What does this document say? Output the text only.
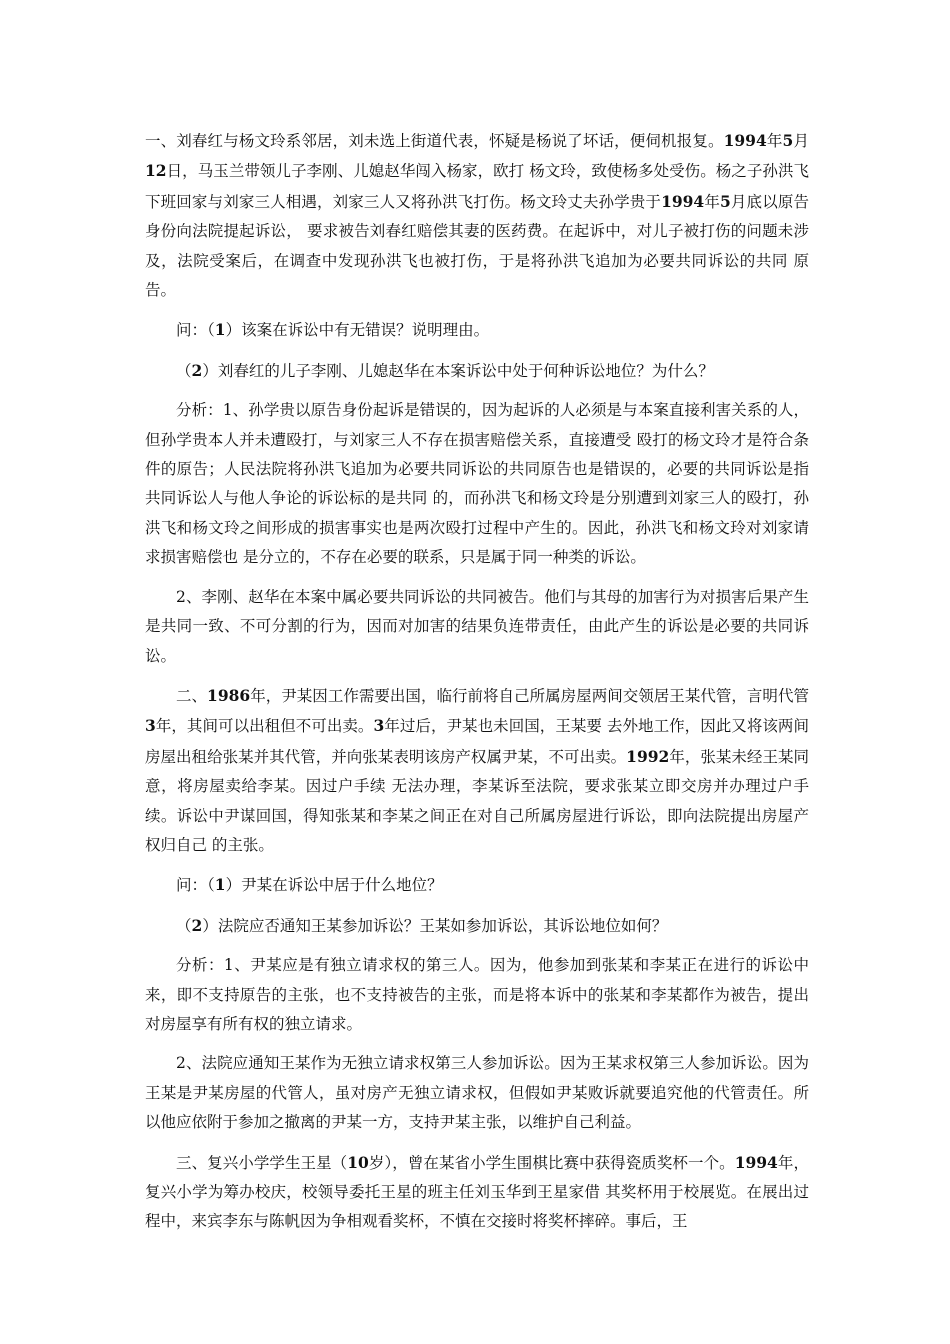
一、刘春红与杨文玲系邻居，刘未选上街道代表，怀疑是杨说了坏话，便伺机报复。1994年5月12日，马玉兰带领儿子李刚、儿媳赵华闯入杨家，欧打 杨文玲，致使杨多处受伤。杨之子孙洪飞下班回家与刘家三人相遇，刘家三人又将孙洪飞打伤。杨文玲丈夫孙学贵于1994年5月底以原告身份向法院提起诉讼， 要求被告刘春红赔偿其妻的医药费。在起诉中，对儿子被打伤的问题未涉及，法院受案后，在调查中发现孙洪飞也被打伤，于是将孙洪飞追加为必要共同诉讼的共同 原告。

问：（1）该案在诉讼中有无错误？说明理由。

（2）刘春红的儿子李刚、儿媳赵华在本案诉讼中处于何种诉讼地位？为什么？

分析：1、孙学贵以原告身份起诉是错误的，因为起诉的人必须是与本案直接利害关系的人，但孙学贵本人并未遭殴打，与刘家三人不存在损害赔偿关系，直接遭受 殴打的杨文玲才是符合条件的原告；人民法院将孙洪飞追加为必要共同诉讼的共同原告也是错误的，必要的共同诉讼是指共同诉讼人与他人争论的诉讼标的是共同 的，而孙洪飞和杨文玲是分别遭到刘家三人的殴打，孙洪飞和杨文玲之间形成的损害事实也是两次殴打过程中产生的。因此，孙洪飞和杨文玲对刘家请求损害赔偿也 是分立的，不存在必要的联系，只是属于同一种类的诉讼。

2、李刚、赵华在本案中属必要共同诉讼的共同被告。他们与其母的加害行为对损害后果产生是共同一致、不可分割的行为，因而对加害的结果负连带责任，由此产生的诉讼是必要的共同诉讼。

二、1986年，尹某因工作需要出国，临行前将自己所属房屋两间交领居王某代管，言明代管3年，其间可以出租但不可出卖。3年过后，尹某也未回国，王某要 去外地工作，因此又将该两间房屋出租给张某并其代管，并向张某表明该房产权属尹某，不可出卖。1992年，张某未经王某同意，将房屋卖给李某。因过户手续 无法办理，李某诉至法院，要求张某立即交房并办理过户手续。诉讼中尹谋回国，得知张某和李某之间正在对自己所属房屋进行诉讼，即向法院提出房屋产权归自己 的主张。

问：（1）尹某在诉讼中居于什么地位？

（2）法院应否通知王某参加诉讼？王某如参加诉讼，其诉讼地位如何？

分析：1、尹某应是有独立请求权的第三人。因为，他参加到张某和李某正在进行的诉讼中来，即不支持原告的主张，也不支持被告的主张，而是将本诉中的张某和李某都作为被告，提出对房屋享有所有权的独立请求。

2、法院应通知王某作为无独立请求权第三人参加诉讼。因为王某求权第三人参加诉讼。因为王某是尹某房屋的代管人，虽对房产无独立请求权，但假如尹某败诉就要追究他的代管责任。所以他应依附于参加之撤离的尹某一方，支持尹某主张，以维护自己利益。

三、复兴小学学生王星（10岁），曾在某省小学生围棋比赛中获得瓷质奖杯一个。1994年，复兴小学为筹办校庆，校领导委托王星的班主任刘玉华到王星家借 其奖杯用于校展览。在展出过程中，来宾李东与陈帆因为争相观看奖杯，不慎在交接时将奖杯摔碎。事后，王
